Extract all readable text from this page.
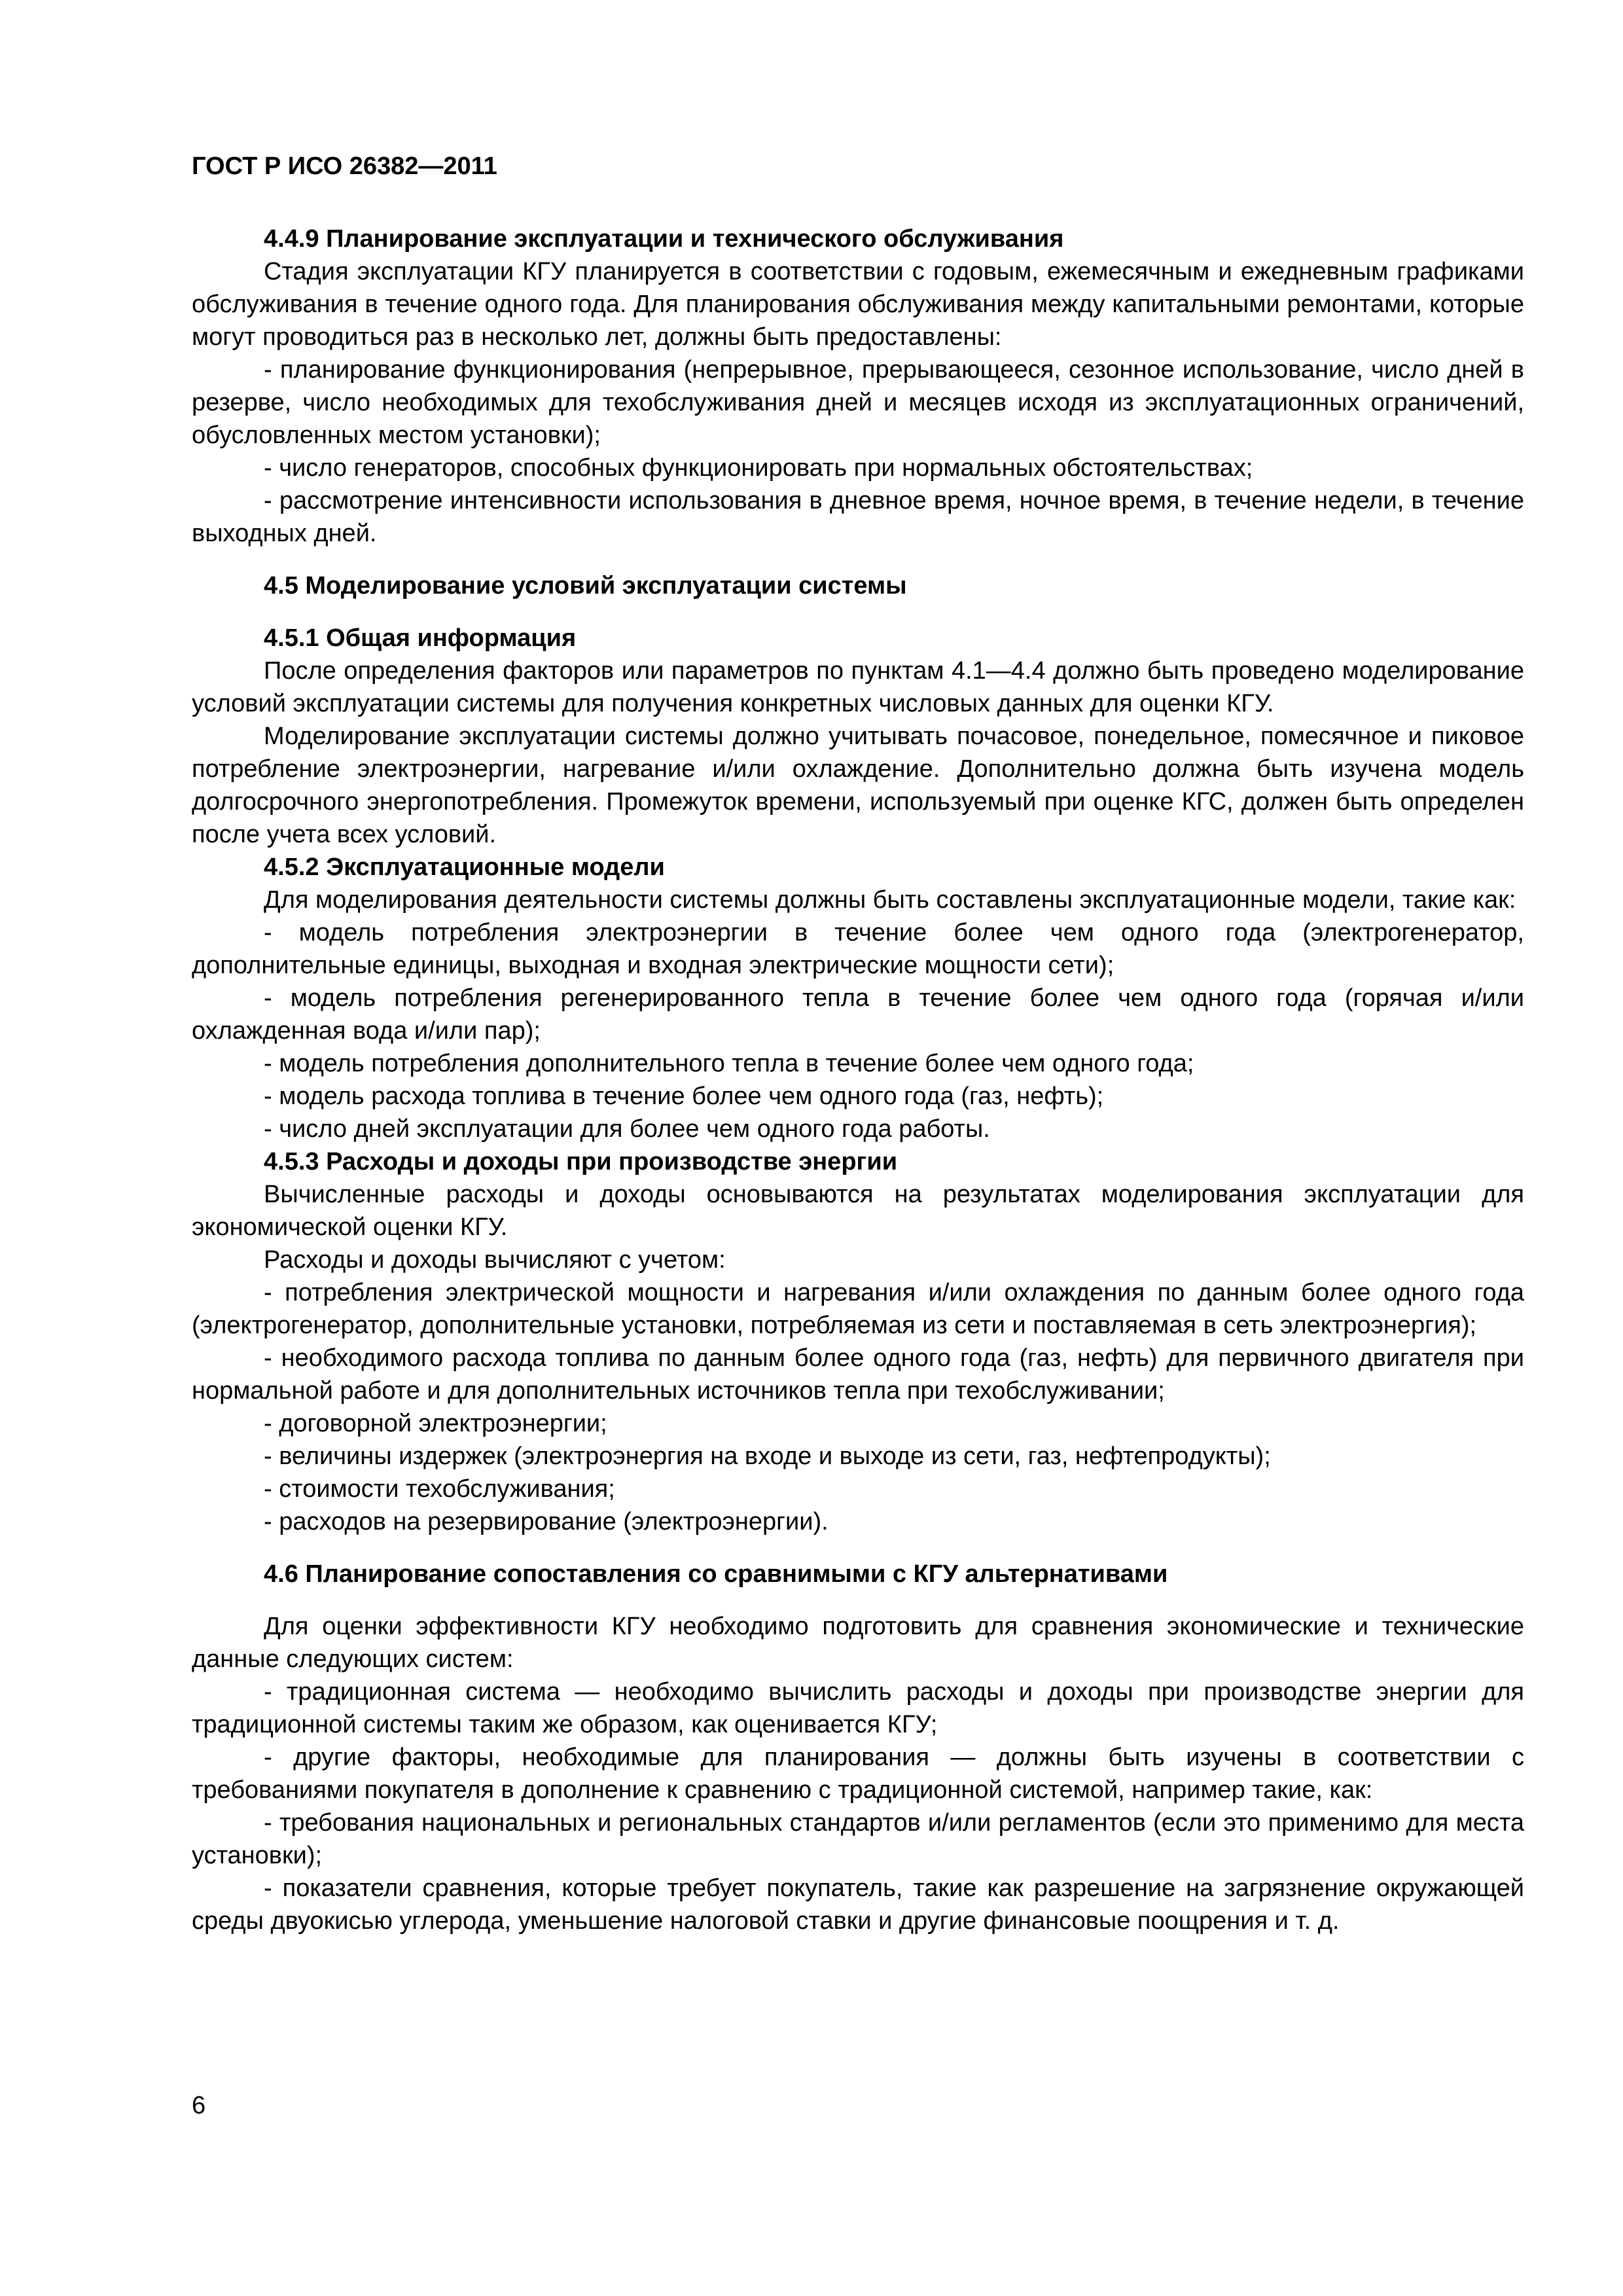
ГОСТ Р ИСО 26382—2011
4.4.9 Планирование эксплуатации и технического обслуживания

Стадия эксплуатации КГУ планируется в соответствии с годовым, ежемесячным и ежедневным графиками обслуживания в течение одного года. Для планирования обслуживания между капитальными ремонтами, которые могут проводиться раз в несколько лет, должны быть предоставлены:

- планирование функционирования (непрерывное, прерывающееся, сезонное использование, число дней в резерве, число необходимых для техобслуживания дней и месяцев исходя из эксплуатационных ограничений, обусловленных местом установки);

- число генераторов, способных функционировать при нормальных обстоятельствах;

- рассмотрение интенсивности использования в дневное время, ночное время, в течение недели, в течение выходных дней.

4.5 Моделирование условий эксплуатации системы
4.5.1 Общая информация

После определения факторов или параметров по пунктам 4.1—4.4 должно быть проведено моделирование условий эксплуатации системы для получения конкретных числовых данных для оценки КГУ.

Моделирование эксплуатации системы должно учитывать почасовое, понедельное, помесячное и пиковое потребление электроэнергии, нагревание и/или охлаждение. Дополнительно должна быть изучена модель долгосрочного энергопотребления. Промежуток времени, используемый при оценке КГС, должен быть определен после учета всех условий.

4.5.2 Эксплуатационные модели

Для моделирования деятельности системы должны быть составлены эксплуатационные модели, такие как:

- модель потребления электроэнергии в течение более чем одного года (электрогенератор, дополнительные единицы, выходная и входная электрические мощности сети);

- модель потребления регенерированного тепла в течение более чем одного года (горячая и/или охлажденная вода и/или пар);

- модель потребления дополнительного тепла в течение более чем одного года;

- модель расхода топлива в течение более чем одного года (газ, нефть);

- число дней эксплуатации для более чем одного года работы.

4.5.3 Расходы и доходы при производстве энергии

Вычисленные расходы и доходы основываются на результатах моделирования эксплуатации для экономической оценки КГУ.

Расходы и доходы вычисляют с учетом:

- потребления электрической мощности и нагревания и/или охлаждения по данным более одного года (электрогенератор, дополнительные установки, потребляемая из сети и поставляемая в сеть электроэнергия);

- необходимого расхода топлива по данным более одного года (газ, нефть) для первичного двигателя при нормальной работе и для дополнительных источников тепла при техобслуживании;

- договорной электроэнергии;

- величины издержек (электроэнергия на входе и выходе из сети, газ, нефтепродукты);

- стоимости техобслуживания;

- расходов на резервирование (электроэнергии).

4.6 Планирование сопоставления со сравнимыми с КГУ альтернативами

Для оценки эффективности КГУ необходимо подготовить для сравнения экономические и технические данные следующих систем:

- традиционная система — необходимо вычислить расходы и доходы при производстве энергии для традиционной системы таким же образом, как оценивается КГУ;

- другие факторы, необходимые для планирования — должны быть изучены в соответствии с требованиями покупателя в дополнение к сравнению с традиционной системой, например такие, как:

- требования национальных и региональных стандартов и/или регламентов (если это применимо для места установки);

- показатели сравнения, которые требует покупатель, такие как разрешение на загрязнение окружающей среды двуокисью углерода, уменьшение налоговой ставки и другие финансовые поощрения и т. д.

6
